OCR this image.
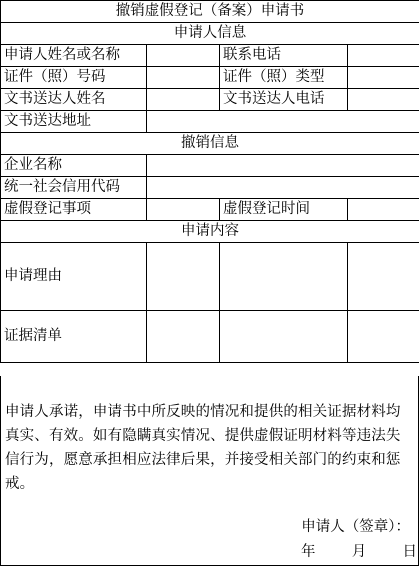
撤销虚假登记（备案）申请书			
申请人信息			
申请人姓名或名称		联系电话	
证件（照）号码		证件（照）类型	
文书送达人姓名		文书送达人电话	
文书送达地址			
撤销信息			
企业名称			
统一社会信用代码			
虚假登记事项		虚假登记时间	
申请内容			
申请理由			
证据清单			
申请人承诺，申请书中所反映的情况和提供的相关证据材料均真实、有效。如有隐瞒真实情况、提供虚假证明材料等违法失信行为，愿意承担相应法律后果，并接受相关部门的约束和惩戒。
申请人（签章）：
年	月	日
